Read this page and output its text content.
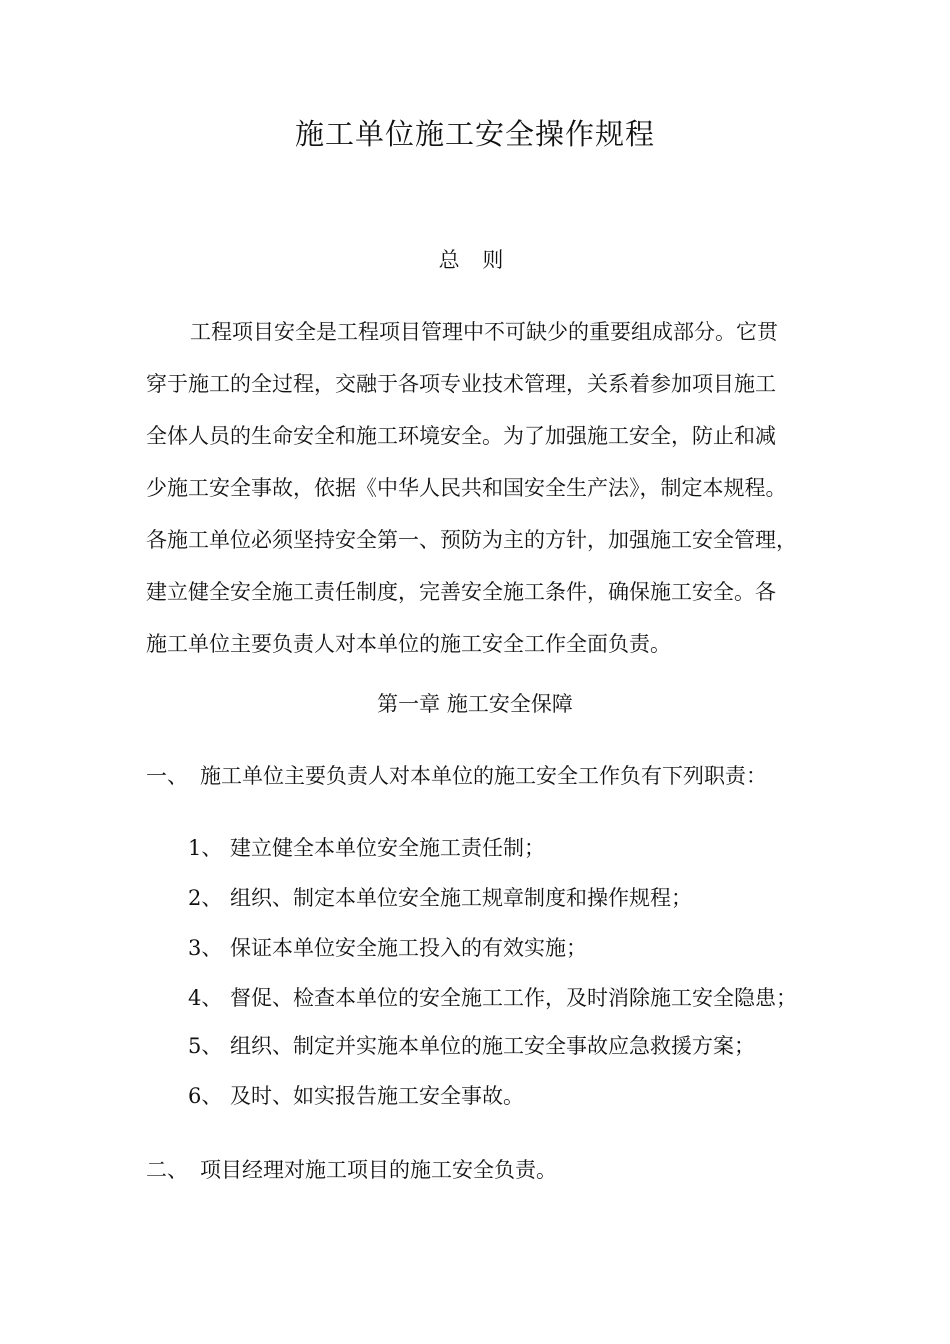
施工单位施工安全操作规程
总 则
工程项目安全是工程项目管理中不可缺少的重要组成部分。它贯
穿于施工的全过程，交融于各项专业技术管理，关系着参加项目施工
全体人员的生命安全和施工环境安全。为了加强施工安全，防止和减
少施工安全事故，依据《中华人民共和国安全生产法》，制定本规程。
各施工单位必须坚持安全第一、预防为主的方针，加强施工安全管理，
建立健全安全施工责任制度，完善安全施工条件，确保施工安全。各
施工单位主要负责人对本单位的施工安全工作全面负责。
第一章 施工安全保障
一、 施工单位主要负责人对本单位的施工安全工作负有下列职责：
1、 建立健全本单位安全施工责任制；
2、 组织、制定本单位安全施工规章制度和操作规程；
3、 保证本单位安全施工投入的有效实施；
4、 督促、检查本单位的安全施工工作，及时消除施工安全隐患；
5、 组织、制定并实施本单位的施工安全事故应急救援方案；
6、 及时、如实报告施工安全事故。
二、 项目经理对施工项目的施工安全负责。
